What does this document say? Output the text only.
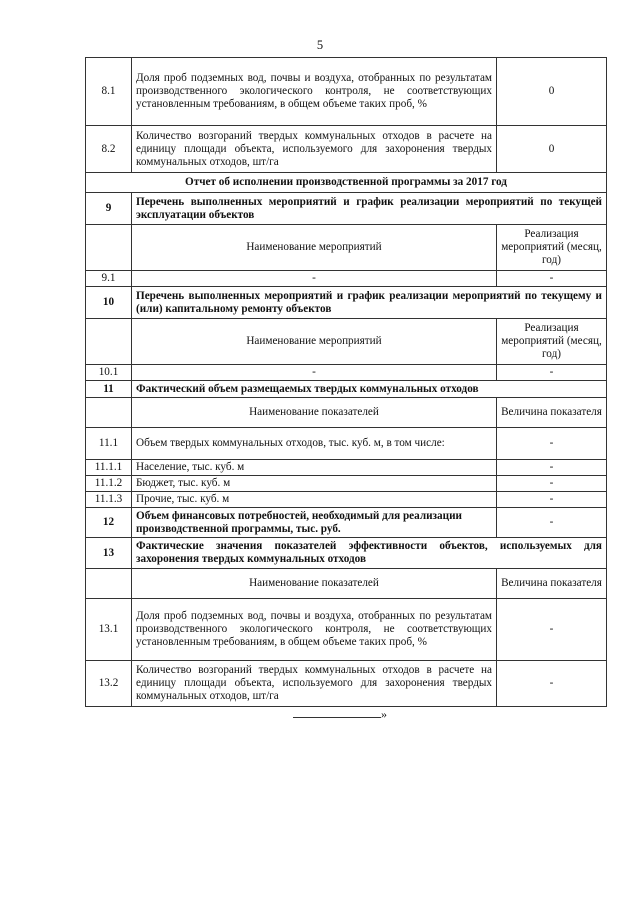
5
8.1	Доля проб подземных вод, почвы и воздуха, отобранных по результатам производственного экологического контроля, не соответствующих установленным требованиям, в общем объеме таких проб, %	0
8.2	Количество возгораний твердых коммунальных отходов в расчете на единицу площади объекта, используемого для захоронения твердых коммунальных отходов, шт/га	0
Отчет об исполнении производственной программы за 2017 год		
9	Перечень выполненных мероприятий и график реализации мероприятий по текущей эксплуатации объектов	
	Наименование мероприятий	Реализация мероприятий (месяц, год)
9.1	-	-
10	Перечень выполненных мероприятий и график реализации мероприятий по текущему и (или) капитальному ремонту объектов	
	Наименование мероприятий	Реализация мероприятий (месяц, год)
10.1	-	-
11	Фактический объем размещаемых твердых коммунальных отходов	
	Наименование показателей	Величина показателя
11.1	Объем твердых коммунальных отходов, тыс. куб. м, в том числе:	-
11.1.1	Население, тыс. куб. м	-
11.1.2	Бюджет, тыс. куб. м	-
11.1.3	Прочие, тыс. куб. м	-
12	Объем финансовых потребностей, необходимый для реализации производственной программы, тыс. руб.	-
13	Фактические значения показателей эффективности объектов, используемых для захоронения твердых коммунальных отходов	
	Наименование показателей	Величина показателя
13.1	Доля проб подземных вод, почвы и воздуха, отобранных по результатам производственного экологического контроля, не соответствующих установленным требованиям, в общем объеме таких проб, %	-
13.2	Количество возгораний твердых коммунальных отходов в расчете на единицу площади объекта, используемого для захоронения твердых коммунальных отходов, шт/га	-
»
